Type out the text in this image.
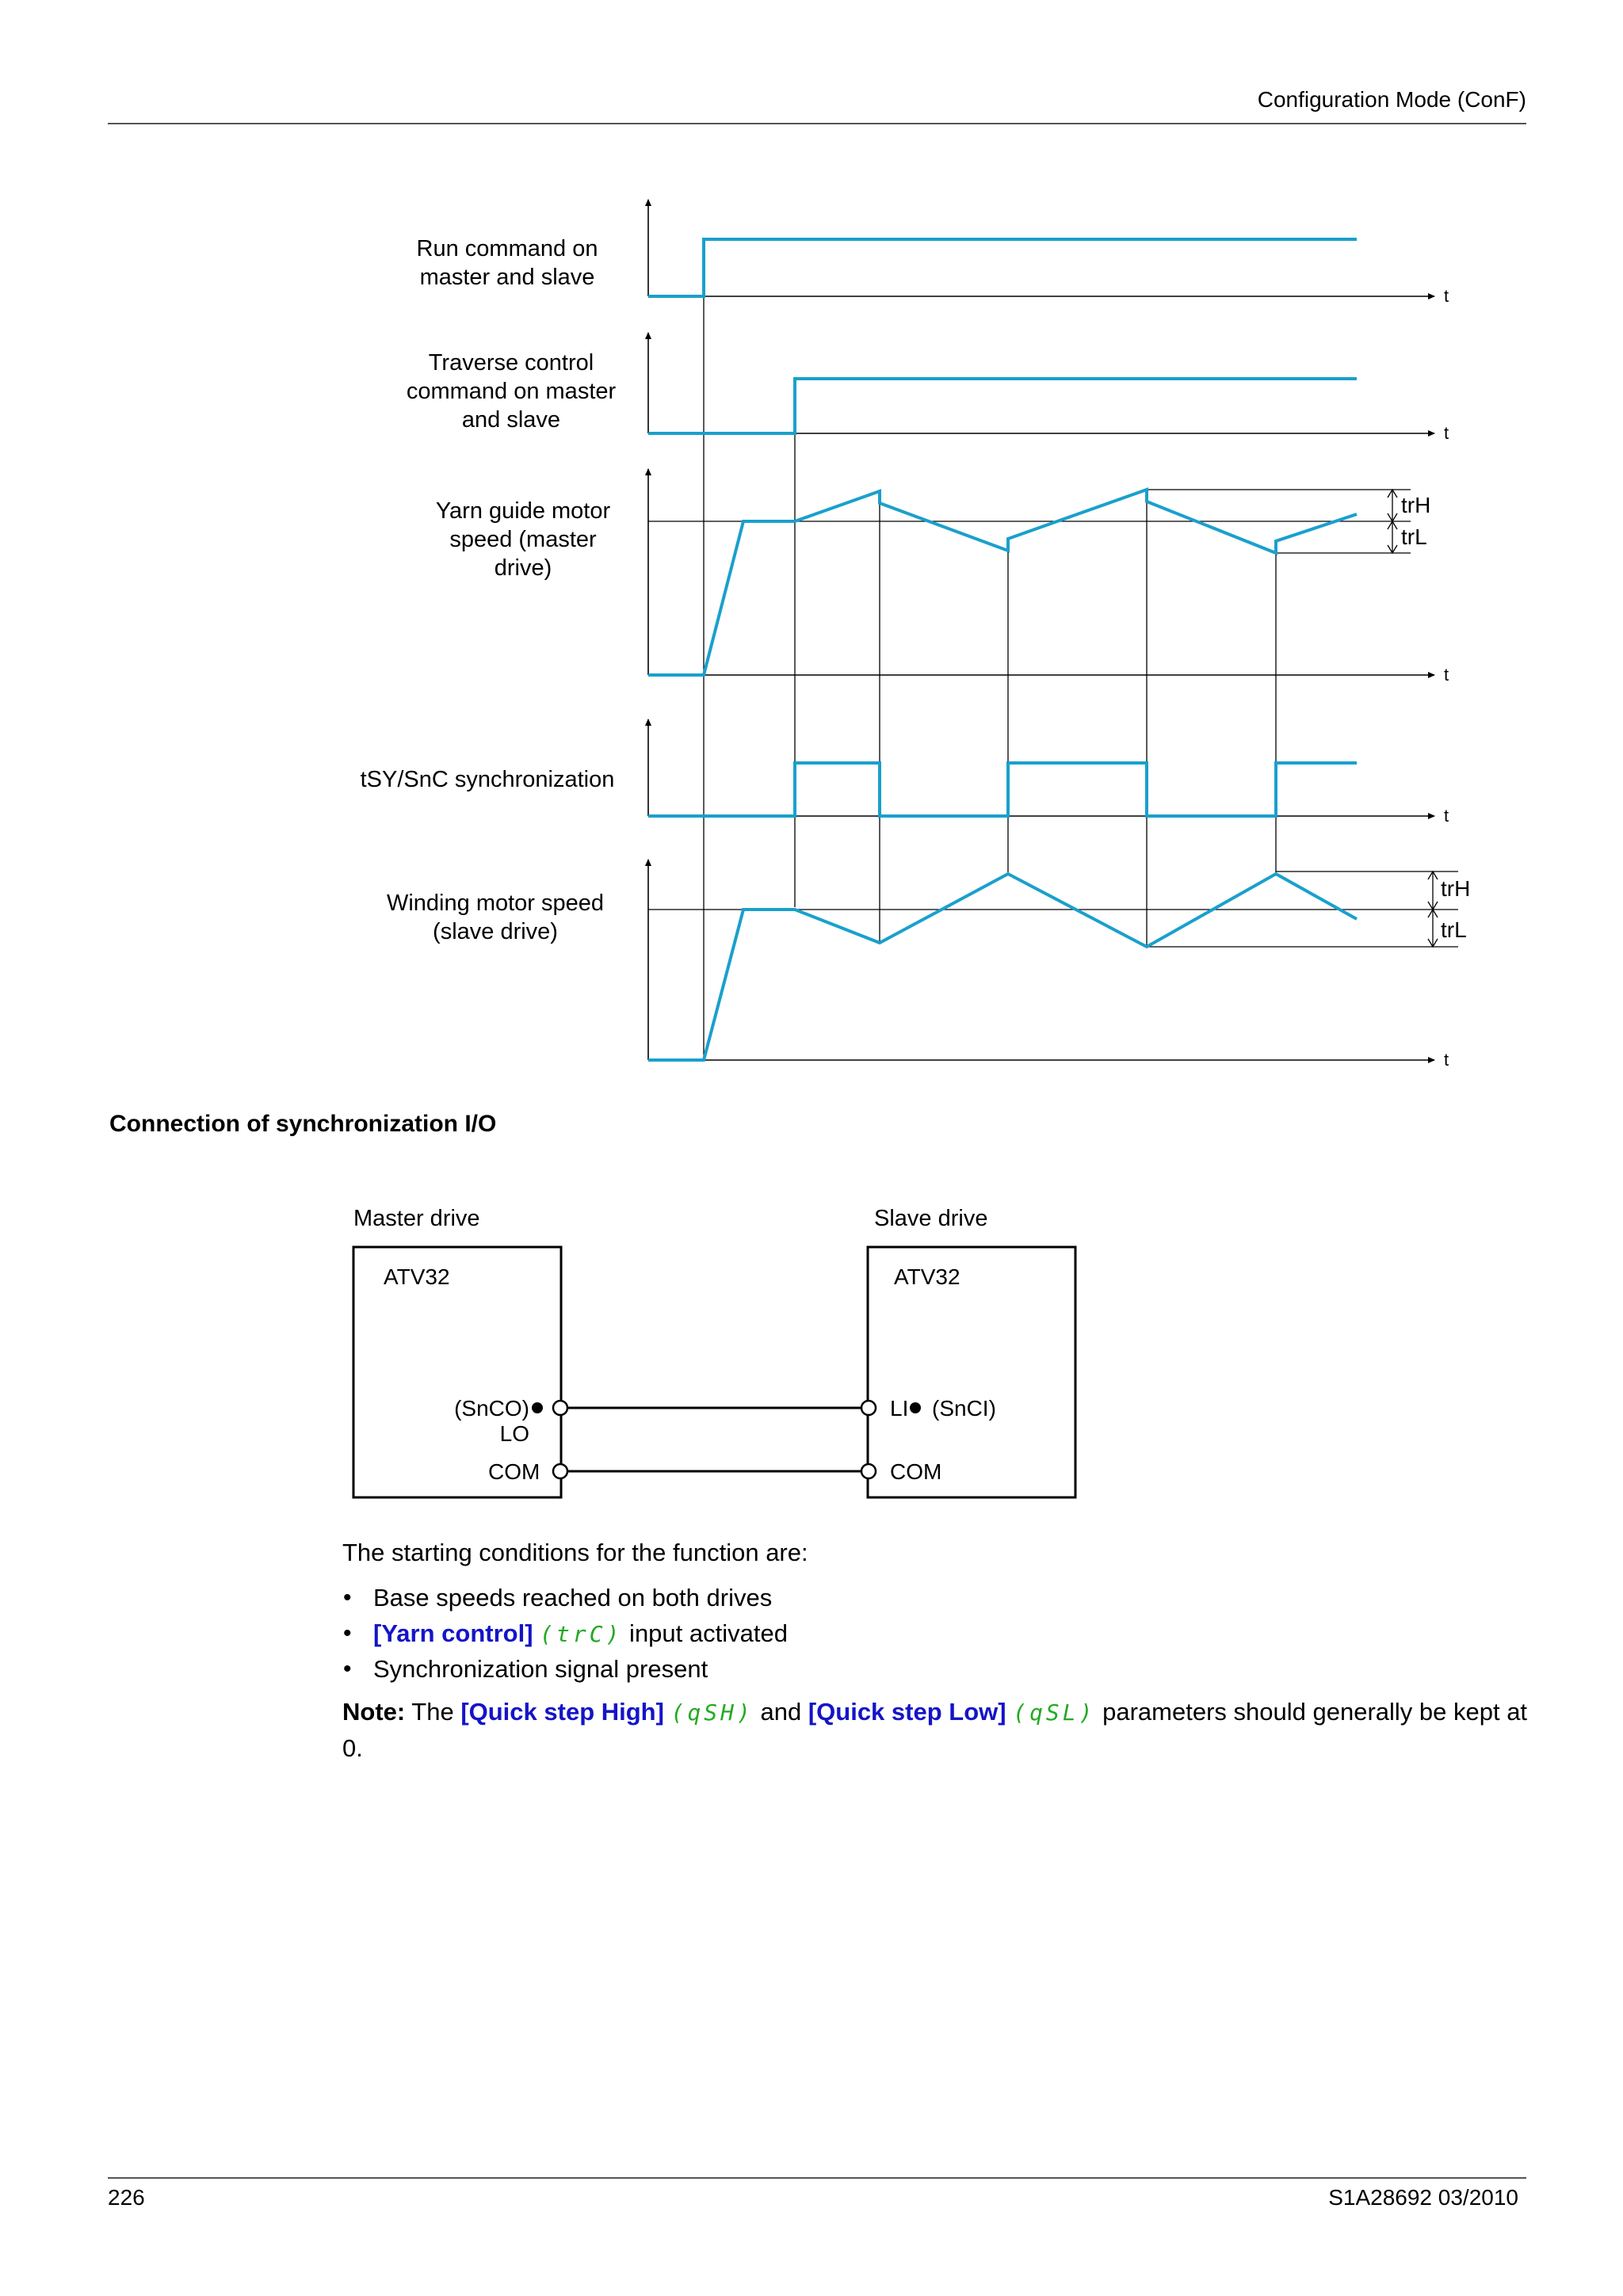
Configuration Mode (ConF)
Run command on master and slave
Traverse control command on master and slave
Yarn guide motor speed (master drive)
tSY/SnC synchronization
Winding motor speed (slave drive)
t
t
t
t
t
trH
trL
trH
trL
Connection of synchronization I/O
Master drive	Slave drive
ATV32	ATV32
(SnCO) LO
COM
LI (SnCI)
COM
The starting conditions for the function are:
• Base speeds reached on both drives
• [Yarn control] (trC) input activated
• Synchronization signal present
Note: The [Quick step High] (qSH) and [Quick step Low] (qSL) parameters should generally be kept at 0.
226	S1A28692 03/2010
